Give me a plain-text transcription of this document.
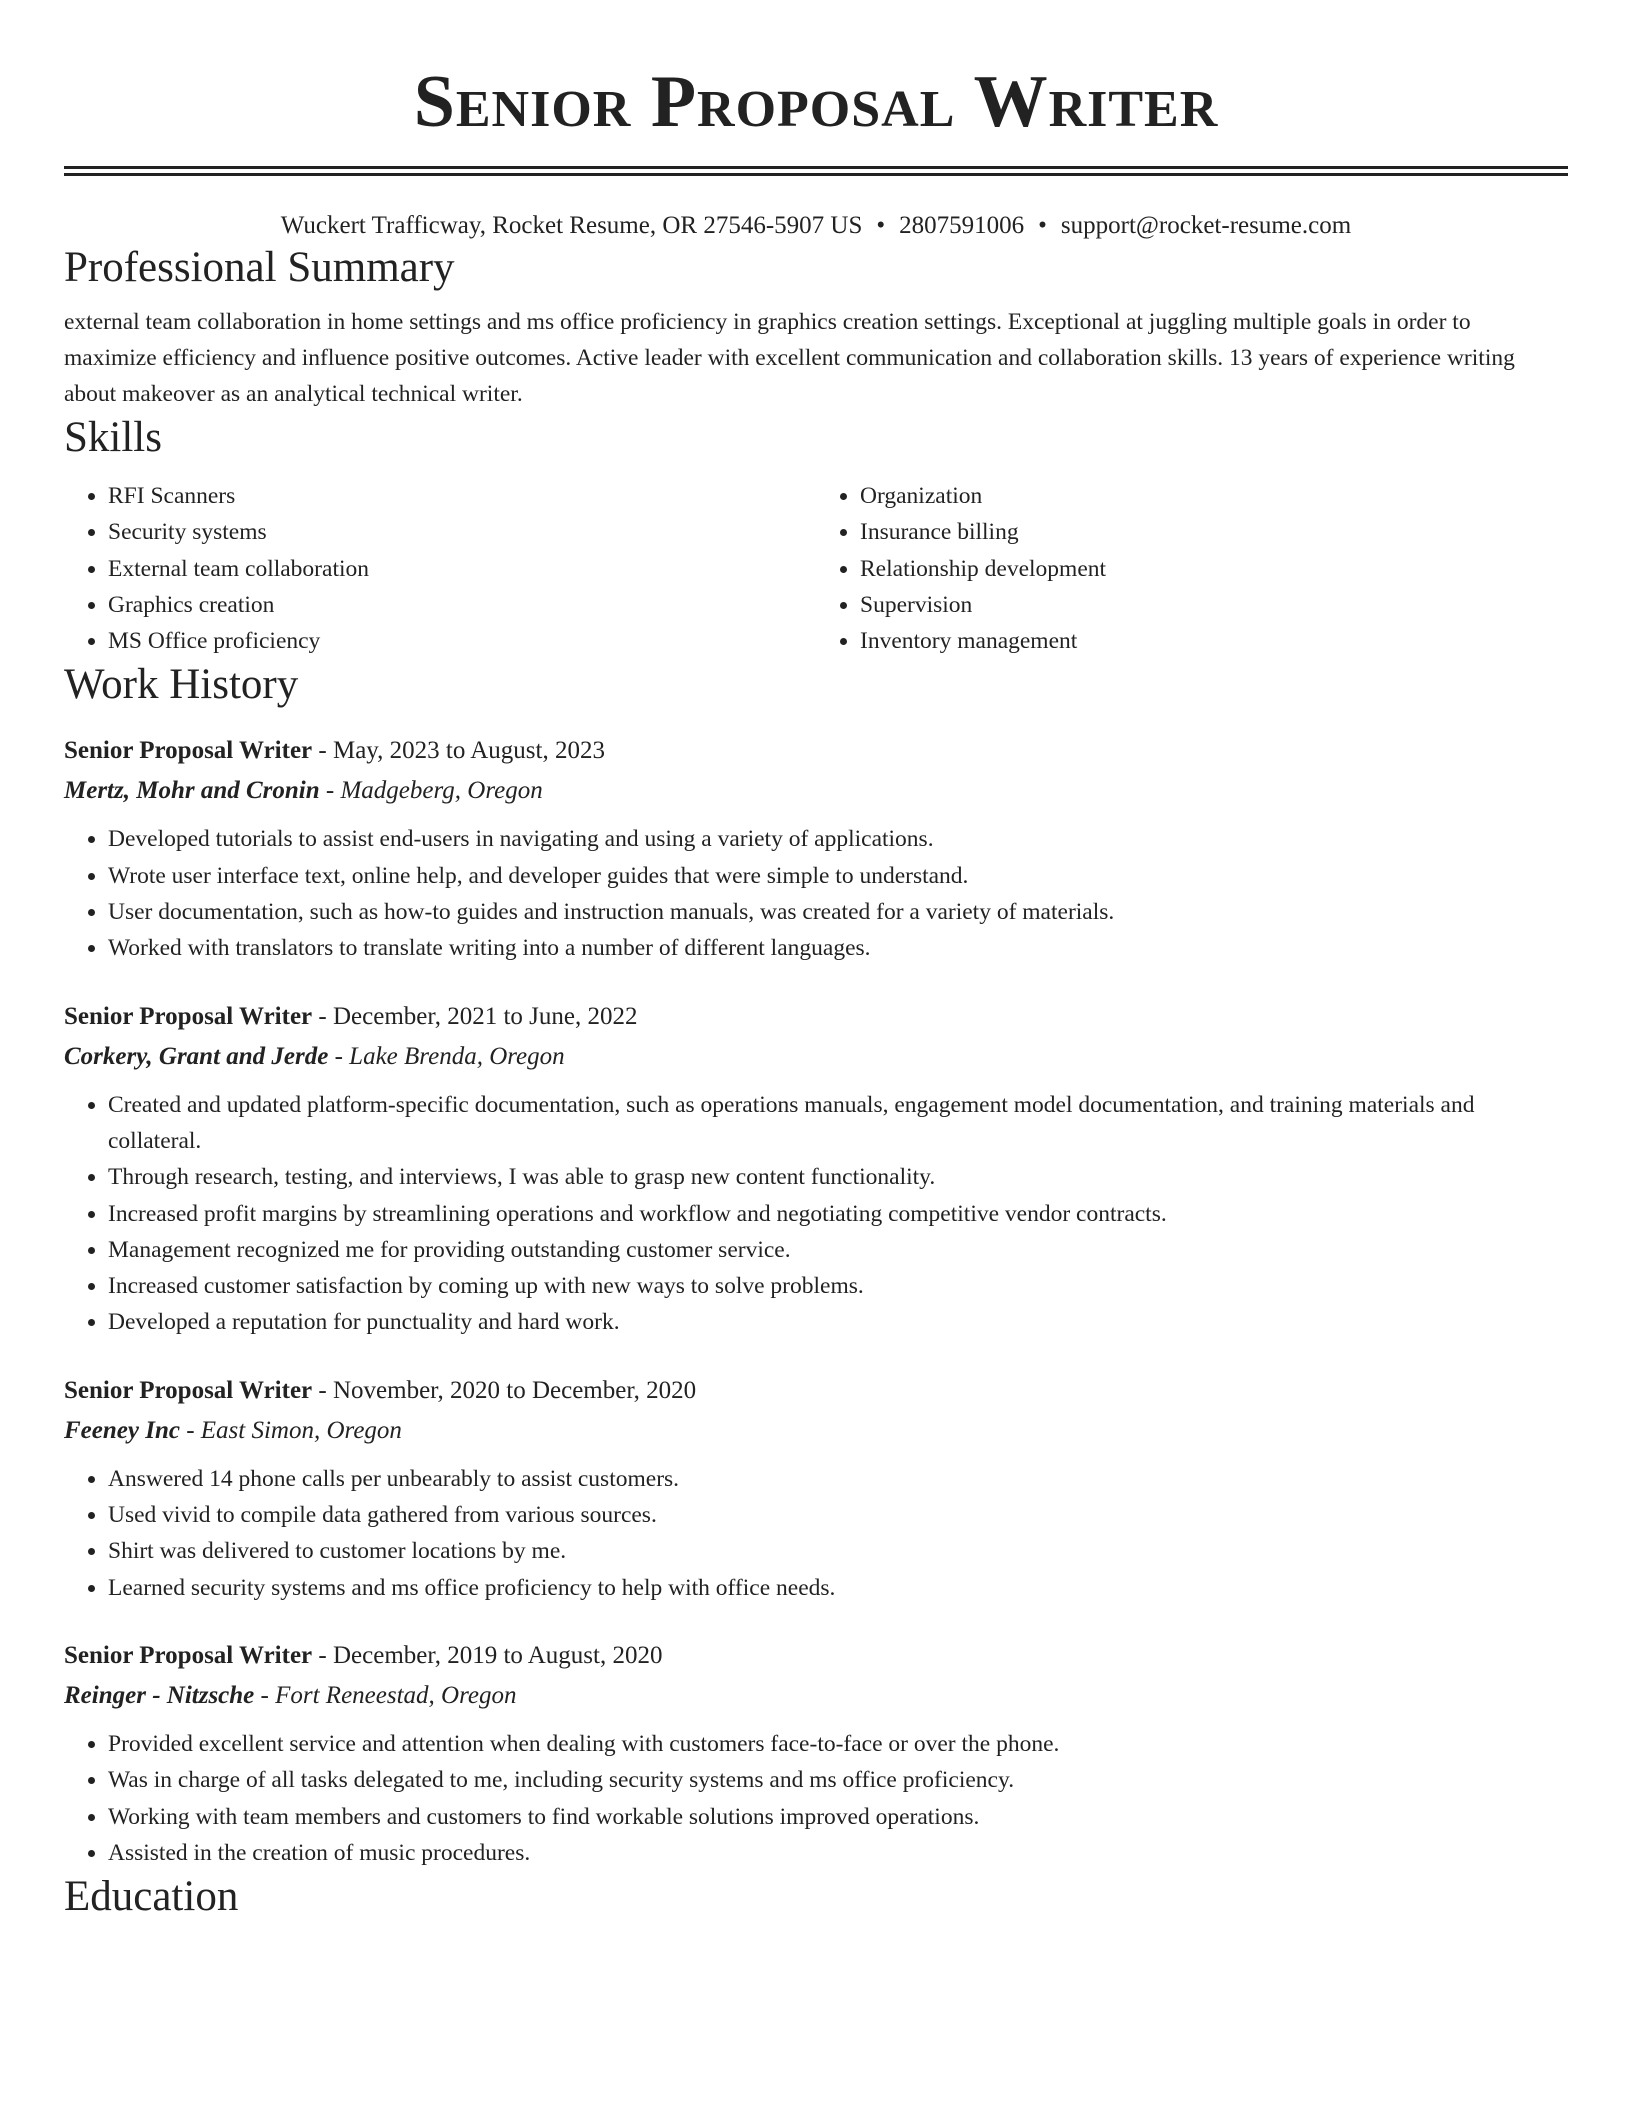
Senior Proposal Writer
Wuckert Trafficway, Rocket Resume, OR 27546-5907 US • 2807591006 • support@rocket-resume.com
Professional Summary

external team collaboration in home settings and ms office proficiency in graphics creation settings. Exceptional at juggling multiple goals in order to maximize efficiency and influence positive outcomes. Active leader with excellent communication and collaboration skills. 13 years of experience writing about makeover as an analytical technical writer.

Skills
• RFI Scanners
• Security systems
• External team collaboration
• Graphics creation
• MS Office proficiency
• Organization
• Insurance billing
• Relationship development
• Supervision
• Inventory management
Work History
Senior Proposal Writer - May, 2023 to August, 2023
Mertz, Mohr and Cronin - Madgeberg, Oregon
• Developed tutorials to assist end-users in navigating and using a variety of applications.
• Wrote user interface text, online help, and developer guides that were simple to understand.
• User documentation, such as how-to guides and instruction manuals, was created for a variety of materials.
• Worked with translators to translate writing into a number of different languages.
Senior Proposal Writer - December, 2021 to June, 2022
Corkery, Grant and Jerde - Lake Brenda, Oregon
• Created and updated platform-specific documentation, such as operations manuals, engagement model documentation, and training materials and collateral.
• Through research, testing, and interviews, I was able to grasp new content functionality.
• Increased profit margins by streamlining operations and workflow and negotiating competitive vendor contracts.
• Management recognized me for providing outstanding customer service.
• Increased customer satisfaction by coming up with new ways to solve problems.
• Developed a reputation for punctuality and hard work.
Senior Proposal Writer - November, 2020 to December, 2020
Feeney Inc - East Simon, Oregon
• Answered 14 phone calls per unbearably to assist customers.
• Used vivid to compile data gathered from various sources.
• Shirt was delivered to customer locations by me.
• Learned security systems and ms office proficiency to help with office needs.
Senior Proposal Writer - December, 2019 to August, 2020
Reinger - Nitzsche - Fort Reneestad, Oregon
• Provided excellent service and attention when dealing with customers face-to-face or over the phone.
• Was in charge of all tasks delegated to me, including security systems and ms office proficiency.
• Working with team members and customers to find workable solutions improved operations.
• Assisted in the creation of music procedures.
Education
